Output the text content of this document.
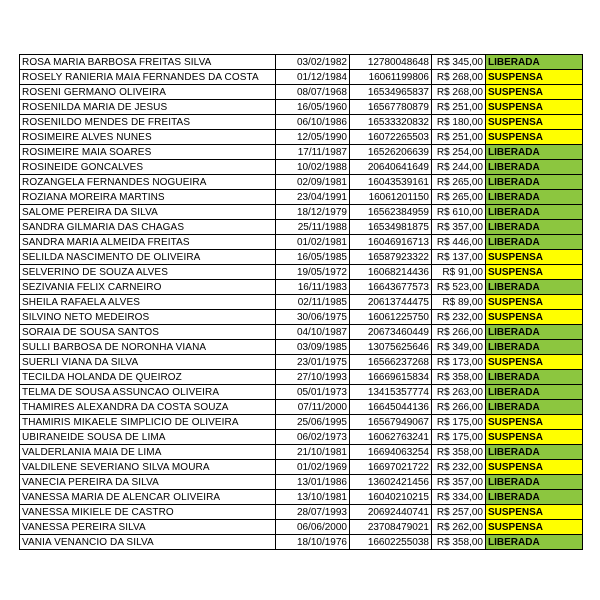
ROSA MARIA BARBOSA FREITAS SILVA	03/02/1982	12780048648	R$ 345,00	LIBERADA
ROSELY RANIERIA MAIA FERNANDES DA COSTA	01/12/1984	16061199806	R$ 268,00	SUSPENSA
ROSENI GERMANO OLIVEIRA	08/07/1968	16534965837	R$ 268,00	SUSPENSA
ROSENILDA MARIA DE JESUS	16/05/1960	16567780879	R$ 251,00	SUSPENSA
ROSENILDO MENDES DE FREITAS	06/10/1986	16533320832	R$ 180,00	SUSPENSA
ROSIMEIRE ALVES NUNES	12/05/1990	16072265503	R$ 251,00	SUSPENSA
ROSIMEIRE MAIA SOARES	17/11/1987	16526206639	R$ 254,00	LIBERADA
ROSINEIDE GONCALVES	10/02/1988	20640641649	R$ 244,00	LIBERADA
ROZANGELA FERNANDES NOGUEIRA	02/09/1981	16043539161	R$ 265,00	LIBERADA
ROZIANA MOREIRA MARTINS	23/04/1991	16061201150	R$ 265,00	LIBERADA
SALOME PEREIRA DA SILVA	18/12/1979	16562384959	R$ 610,00	LIBERADA
SANDRA GILMARIA DAS CHAGAS	25/11/1988	16534981875	R$ 357,00	LIBERADA
SANDRA MARIA ALMEIDA FREITAS	01/02/1981	16046916713	R$ 446,00	LIBERADA
SELILDA NASCIMENTO DE OLIVEIRA	16/05/1985	16587923322	R$ 137,00	SUSPENSA
SELVERINO DE SOUZA ALVES	19/05/1972	16068214436	R$ 91,00	SUSPENSA
SEZIVANIA FELIX CARNEIRO	16/11/1983	16643677573	R$ 523,00	LIBERADA
SHEILA RAFAELA ALVES	02/11/1985	20613744475	R$ 89,00	SUSPENSA
SILVINO NETO MEDEIROS	30/06/1975	16061225750	R$ 232,00	SUSPENSA
SORAIA DE SOUSA SANTOS	04/10/1987	20673460449	R$ 266,00	LIBERADA
SULLI BARBOSA DE NORONHA VIANA	03/09/1985	13075625646	R$ 349,00	LIBERADA
SUERLI VIANA DA SILVA	23/01/1975	16566237268	R$ 173,00	SUSPENSA
TECILDA HOLANDA DE QUEIROZ	27/10/1993	16669615834	R$ 358,00	LIBERADA
TELMA DE SOUSA ASSUNCAO OLIVEIRA	05/01/1973	13415357774	R$ 263,00	LIBERADA
THAMIRES ALEXANDRA DA COSTA SOUZA	07/11/2000	16645044136	R$ 266,00	LIBERADA
THAMIRIS MIKAELE SIMPLICIO DE OLIVEIRA	25/06/1995	16567949067	R$ 175,00	SUSPENSA
UBIRANEIDE SOUSA DE LIMA	06/02/1973	16062763241	R$ 175,00	SUSPENSA
VALDERLANIA MAIA DE LIMA	21/10/1981	16694063254	R$ 358,00	LIBERADA
VALDILENE SEVERIANO SILVA MOURA	01/02/1969	16697021722	R$ 232,00	SUSPENSA
VANECIA PEREIRA DA SILVA	13/01/1986	13602421456	R$ 357,00	LIBERADA
VANESSA MARIA DE ALENCAR OLIVEIRA	13/10/1981	16040210215	R$ 334,00	LIBERADA
VANESSA MIKIELE DE CASTRO	28/07/1993	20692440741	R$ 257,00	SUSPENSA
VANESSA PEREIRA SILVA	06/06/2000	23708479021	R$ 262,00	SUSPENSA
VANIA VENANCIO DA SILVA	18/10/1976	16602255038	R$ 358,00	LIBERADA
